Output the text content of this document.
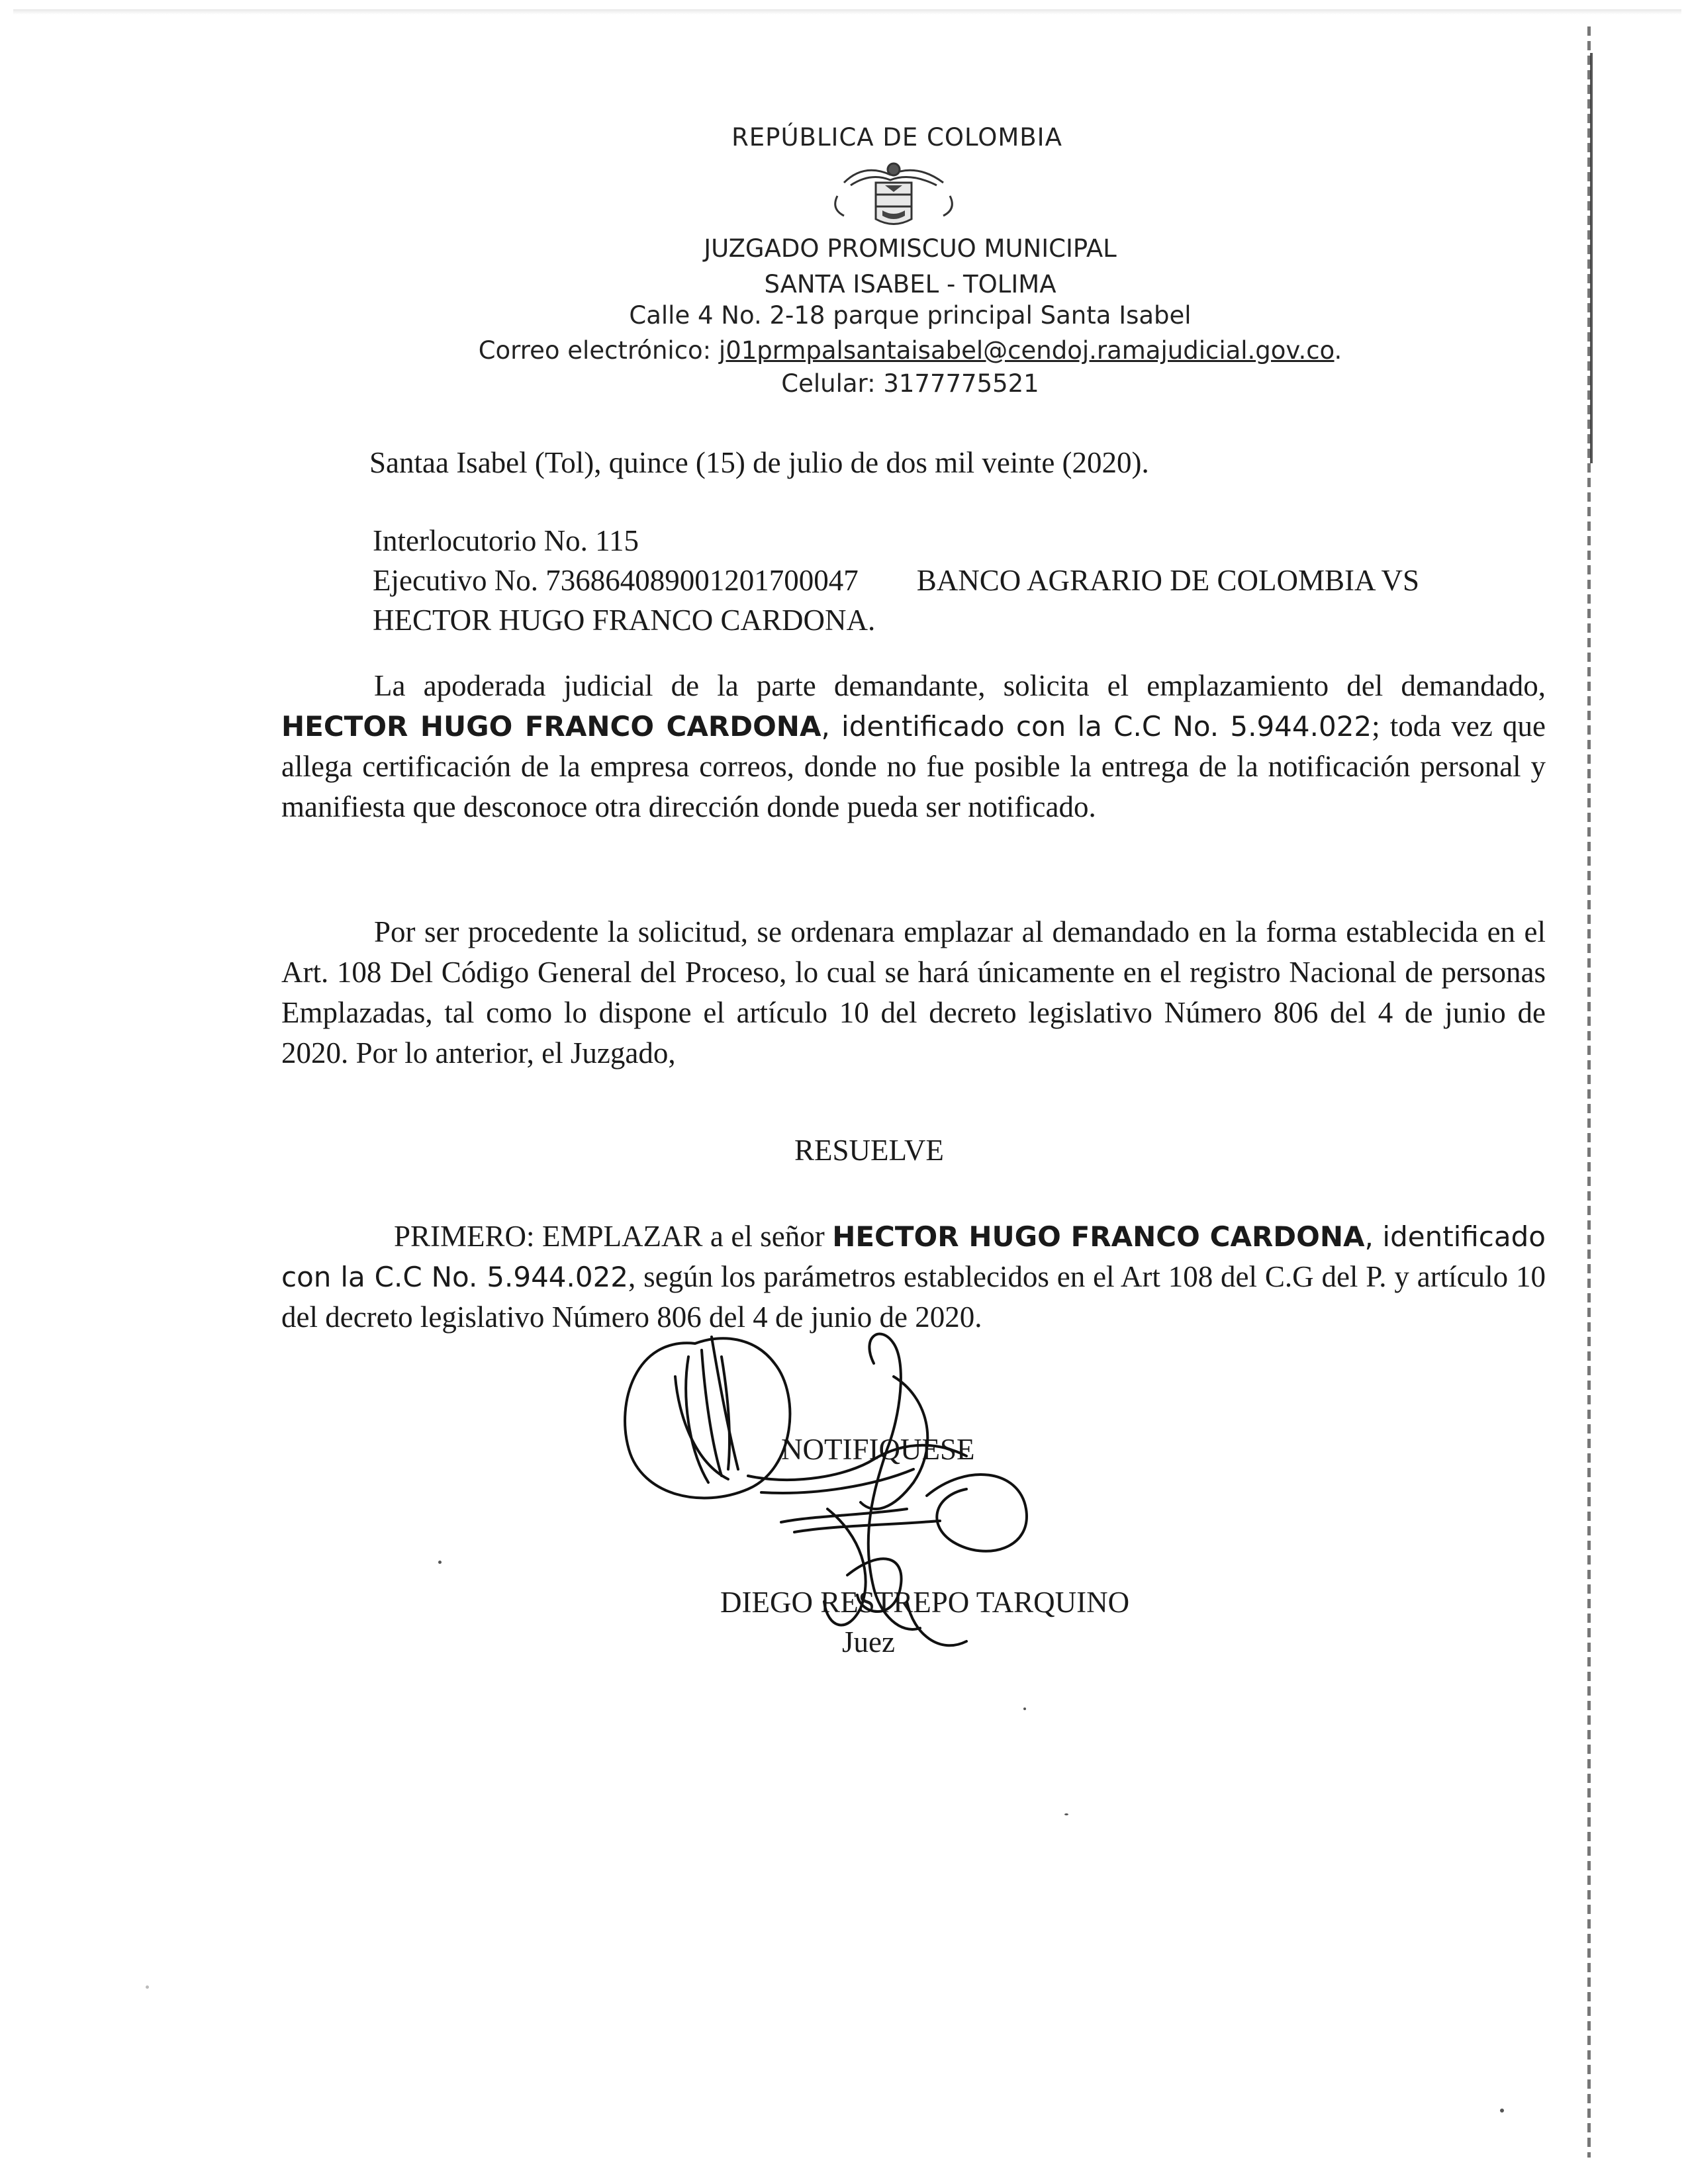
REPÚBLICA DE COLOMBIA
JUZGADO PROMISCUO MUNICIPAL
SANTA ISABEL - TOLIMA
Calle 4 No. 2-18 parque principal Santa Isabel
Correo electrónico: j01prmpalsantaisabel@cendoj.ramajudicial.gov.co.
Celular: 3177775521
Santaa Isabel (Tol), quince (15) de julio de dos mil veinte (2020).
Interlocutorio No. 115
Ejecutivo No. 73686408900120170004​7 BANCO AGRARIO DE COLOMBIA VS
HECTOR HUGO FRANCO CARDONA.
La apoderada judicial de la parte demandante, solicita el emplazamiento del demandado, HECTOR HUGO FRANCO CARDONA, identificado con la C.C No. 5.944.022; toda vez que allega certificación de la empresa correos, donde no fue posible la entrega de la notificación personal y manifiesta que desconoce otra dirección donde pueda ser notificado.
Por ser procedente la solicitud, se ordenara emplazar al demandado en la forma establecida en el Art. 108 Del Código General del Proceso, lo cual se hará únicamente en el registro Nacional de personas Emplazadas, tal como lo dispone el artículo 10 del decreto legislativo Número 806 del 4 de junio de 2020. Por lo anterior, el Juzgado,
RESUELVE
PRIMERO: EMPLAZAR a el señor HECTOR HUGO FRANCO CARDONA, identificado con la C.C No. 5.944.022, según los parámetros establecidos en el Art 108 del C.G del P. y artículo 10 del decreto legislativo Número 806 del 4 de junio de 2020.
NOTIFIQUESE
DIEGO RESTREPO TARQUINO
Juez
